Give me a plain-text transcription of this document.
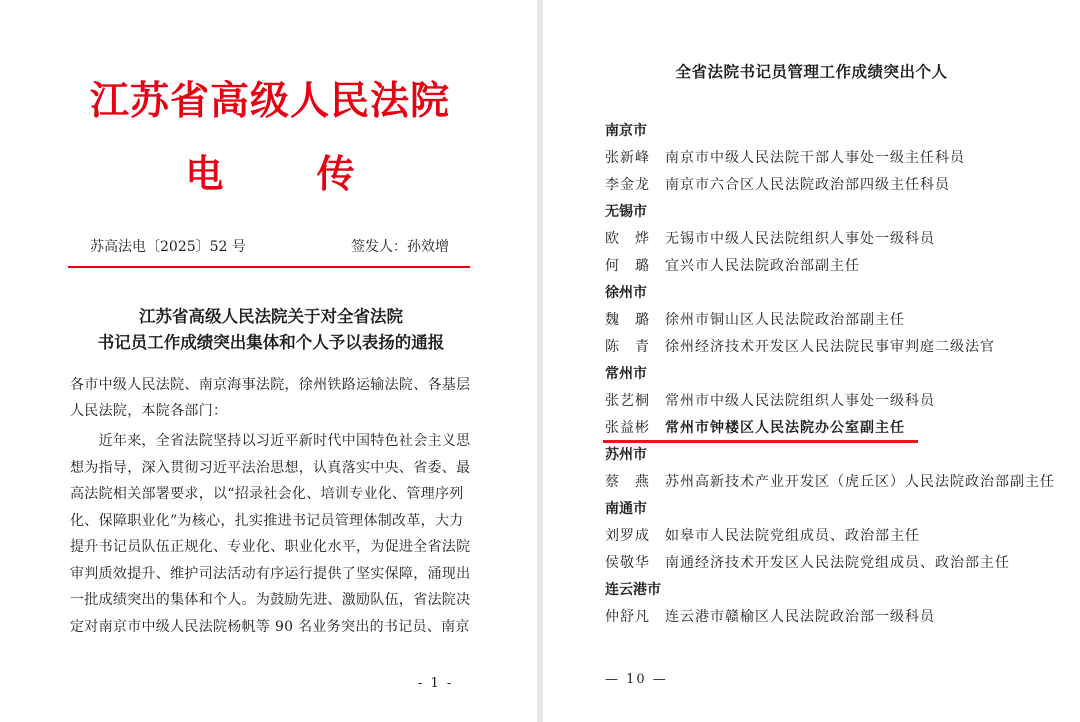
江苏省高级人民法院
电 传
苏高法电〔2025〕52 号	签发人：孙效增
江苏省高级人民法院关于对全省法院
书记员工作成绩突出集体和个人予以表扬的通报
各市中级人民法院、南京海事法院，徐州铁路运输法院、各基层
人民法院，本院各部门：
　　近年来，全省法院坚持以习近平新时代中国特色社会主义思
想为指导，深入贯彻习近平法治思想，认真落实中央、省委、最
高法院相关部署要求，以“招录社会化、培训专业化、管理序列
化、保障职业化”为核心，扎实推进书记员管理体制改革，大力
提升书记员队伍正规化、专业化、职业化水平，为促进全省法院
审判质效提升、维护司法活动有序运行提供了坚实保障，涌现出
一批成绩突出的集体和个人。为鼓励先进、激励队伍，省法院决
定对南京市中级人民法院杨帆等 90 名业务突出的书记员、南京
- 1 -
全省法院书记员管理工作成绩突出个人
南京市
张新峰 南京市中级人民法院干部人事处一级主任科员
李金龙 南京市六合区人民法院政治部四级主任科员
无锡市
欧　烨 无锡市中级人民法院组织人事处一级科员
何　璐 宜兴市人民法院政治部副主任
徐州市
魏　璐 徐州市铜山区人民法院政治部副主任
陈　青 徐州经济技术开发区人民法院民事审判庭二级法官
常州市
张艺桐 常州市中级人民法院组织人事处一级科员
张益彬 常州市钟楼区人民法院办公室副主任
苏州市
蔡　燕 苏州高新技术产业开发区（虎丘区）人民法院政治部副主任
南通市
刘罗成 如皋市人民法院党组成员、政治部主任
侯敬华 南通经济技术开发区人民法院党组成员、政治部主任
连云港市
仲舒凡 连云港市赣榆区人民法院政治部一级科员
— 10 —
